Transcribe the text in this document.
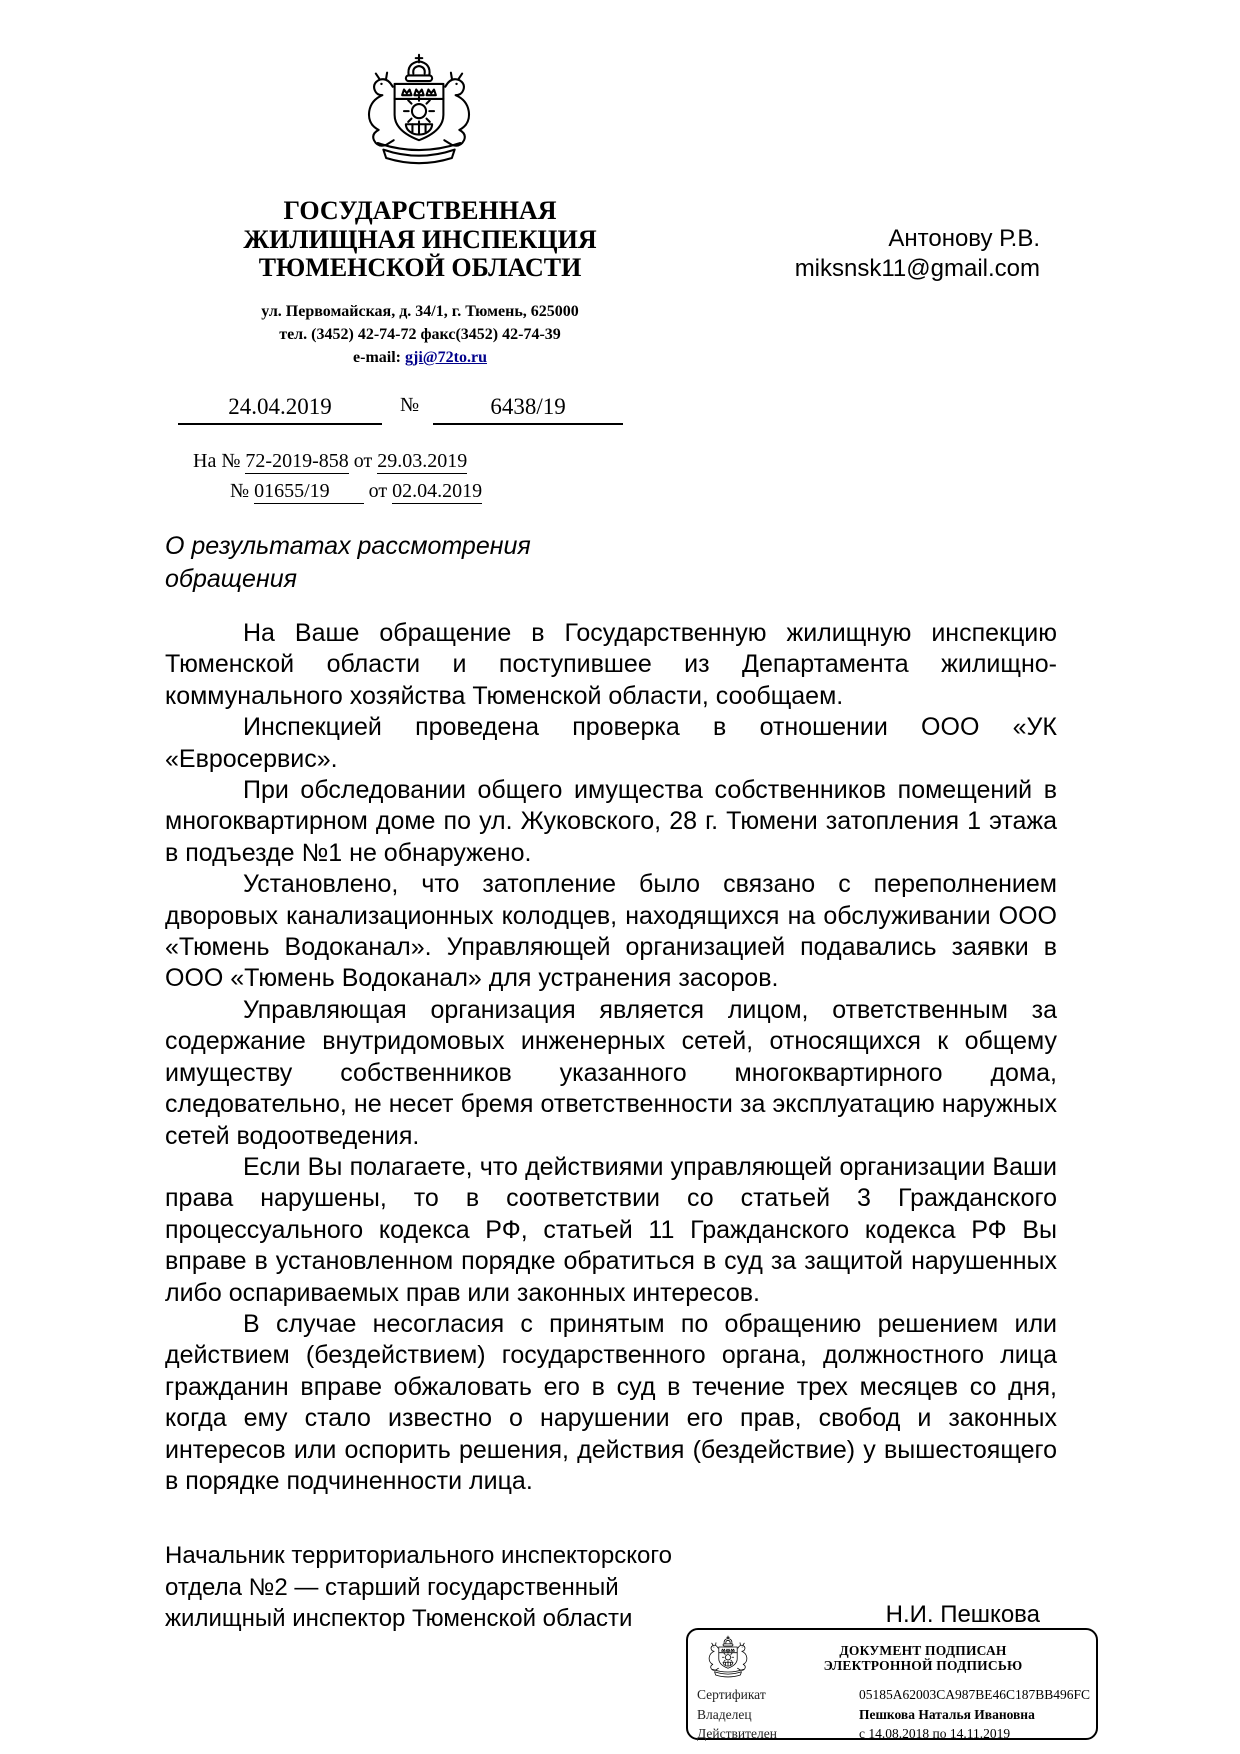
ГОСУДАРСТВЕННАЯ
ЖИЛИЩНАЯ ИНСПЕКЦИЯ
ТЮМЕНСКОЙ ОБЛАСТИ
ул. Первомайская, д. 34/1, г. Тюмень, 625000
тел. (3452) 42-74-72 факс(3452) 42-74-39
e-mail: gji@72to.ru
Антонову Р.В.
miksnsk11@gmail.com
24.04.2019	№	6438/19
На № 72-2019-858 от 29.03.2019
№ 01655/19 от 02.04.2019
О результатах рассмотрения
обращения

На Ваше обращение в Государственную жилищную инспекцию Тюменской области и поступившее из Департамента жилищно-коммунального хозяйства Тюменской области, сообщаем.

Инспекцией проведена проверка в отношении ООО «УК «Евросервис».

При обследовании общего имущества собственников помещений в многоквартирном доме по ул. Жуковского, 28 г. Тюмени затопления 1 этажа в подъезде №1 не обнаружено.

Установлено, что затопление было связано с переполнением дворовых канализационных колодцев, находящихся на обслуживании ООО «Тюмень Водоканал». Управляющей организацией подавались заявки в ООО «Тюмень Водоканал» для устранения засоров.

Управляющая организация является лицом, ответственным за содержание внутридомовых инженерных сетей, относящихся к общему имуществу собственников указанного многоквартирного дома, следовательно, не несет бремя ответственности за эксплуатацию наружных сетей водоотведения.

Если Вы полагаете, что действиями управляющей организации Ваши права нарушены, то в соответствии со статьей 3 Гражданского процессуального кодекса РФ, статьей 11 Гражданского кодекса РФ Вы вправе в установленном порядке обратиться в суд за защитой нарушенных либо оспариваемых прав или законных интересов.

В случае несогласия с принятым по обращению решением или действием (бездействием) государственного органа, должностного лица гражданин вправе обжаловать его в суд в течение трех месяцев со дня, когда ему стало известно о нарушении его прав, свобод и законных интересов или оспорить решения, действия (бездействие) у вышестоящего в порядке подчиненности лица.

Начальник территориального инспекторского
отдела №2 — старший государственный
жилищный инспектор Тюменской области	Н.И. Пешкова
ДОКУМЕНТ ПОДПИСАН
ЭЛЕКТРОННОЙ ПОДПИСЬЮ
Сертификат	05185A62003CA987BE46C187BB496FC
Владелец	Пешкова Наталья Ивановна
Действителен	с 14.08.2018 по 14.11.2019
